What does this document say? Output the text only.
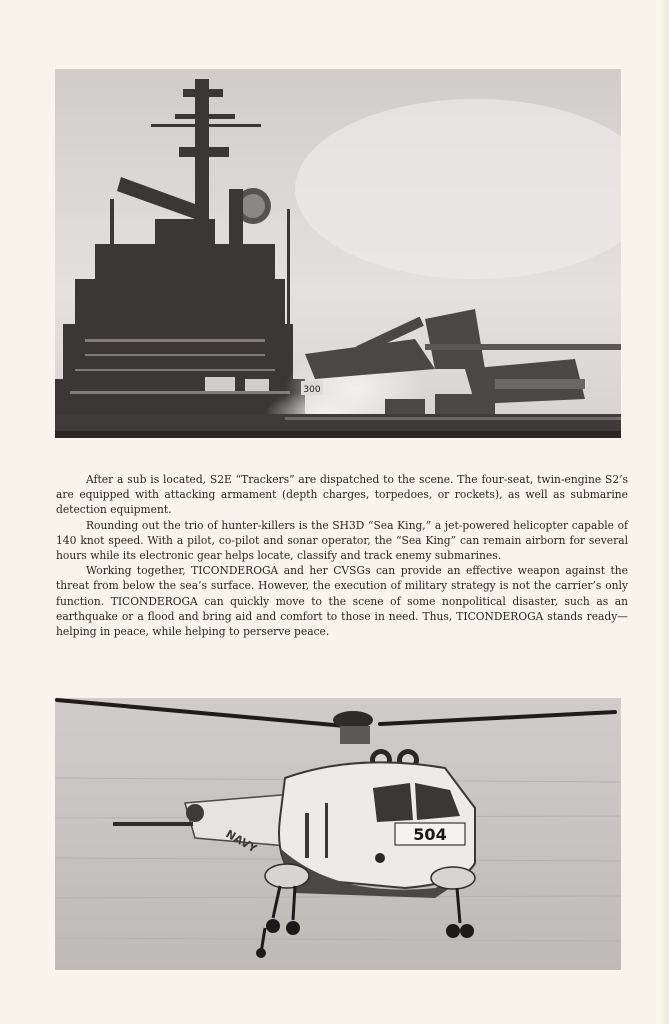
300

After a sub is located, S2E “Trackers” are dispatched to the scene. The four-seat, twin-engine S2’s are equipped with attacking armament (depth charges, torpedoes, or rockets), as well as submarine detection equipment.

Rounding out the trio of hunter-killers is the SH3D “Sea King,” a jet-powered helicopter capable of 140 knot speed. With a pilot, co-pilot and sonar operator, the “Sea King” can remain airborn for several hours while its electronic gear helps locate, classify and track enemy submarines.

Working together, TICONDEROGA and her CVSGs can provide an effective weapon against the threat from below the sea’s surface. However, the execution of military strategy is not the carrier’s only function. TICONDEROGA can quickly move to the scene of some nonpolitical disaster, such as an earthquake or a flood and bring aid and comfort to those in need. Thus, TICONDEROGA stands ready—helping in peace, while helping to perserve peace.

504
NAVY
